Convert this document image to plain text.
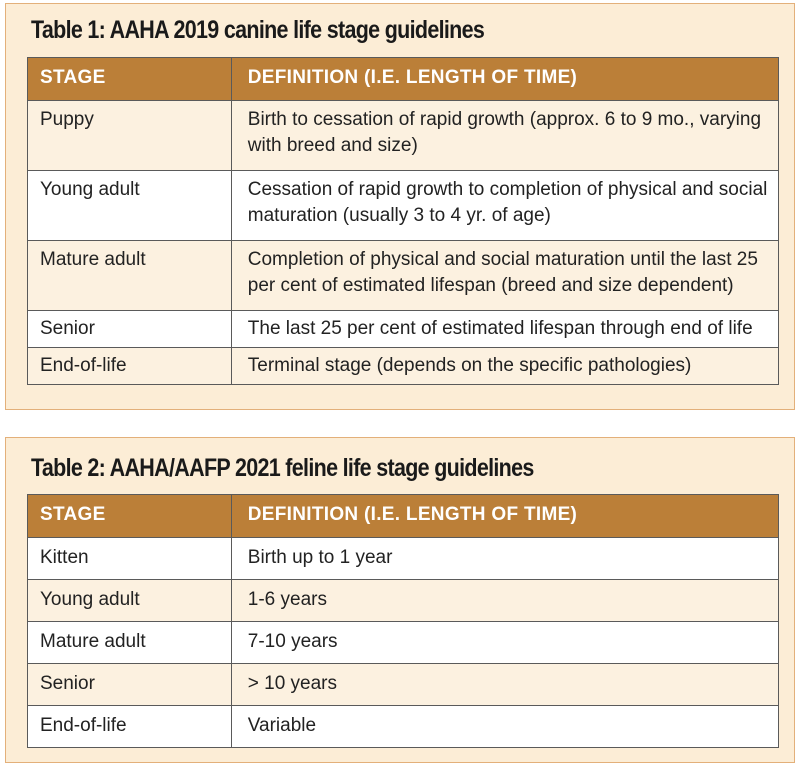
Table 1: AAHA 2019 canine life stage guidelines
STAGE	DEFINITION (I.E. LENGTH OF TIME)
Puppy	Birth to cessation of rapid growth (approx. 6 to 9 mo., varying with breed and size)
Young adult	Cessation of rapid growth to completion of physical and social maturation (usually 3 to 4 yr. of age)
Mature adult	Completion of physical and social maturation until the last 25 per cent of estimated lifespan (breed and size dependent)
Senior	The last 25 per cent of estimated lifespan through end of life
End-of-life	Terminal stage (depends on the specific pathologies)
Table 2: AAHA/AAFP 2021 feline life stage guidelines
STAGE	DEFINITION (I.E. LENGTH OF TIME)
Kitten	Birth up to 1 year
Young adult	1-6 years
Mature adult	7-10 years
Senior	> 10 years
End-of-life	Variable
